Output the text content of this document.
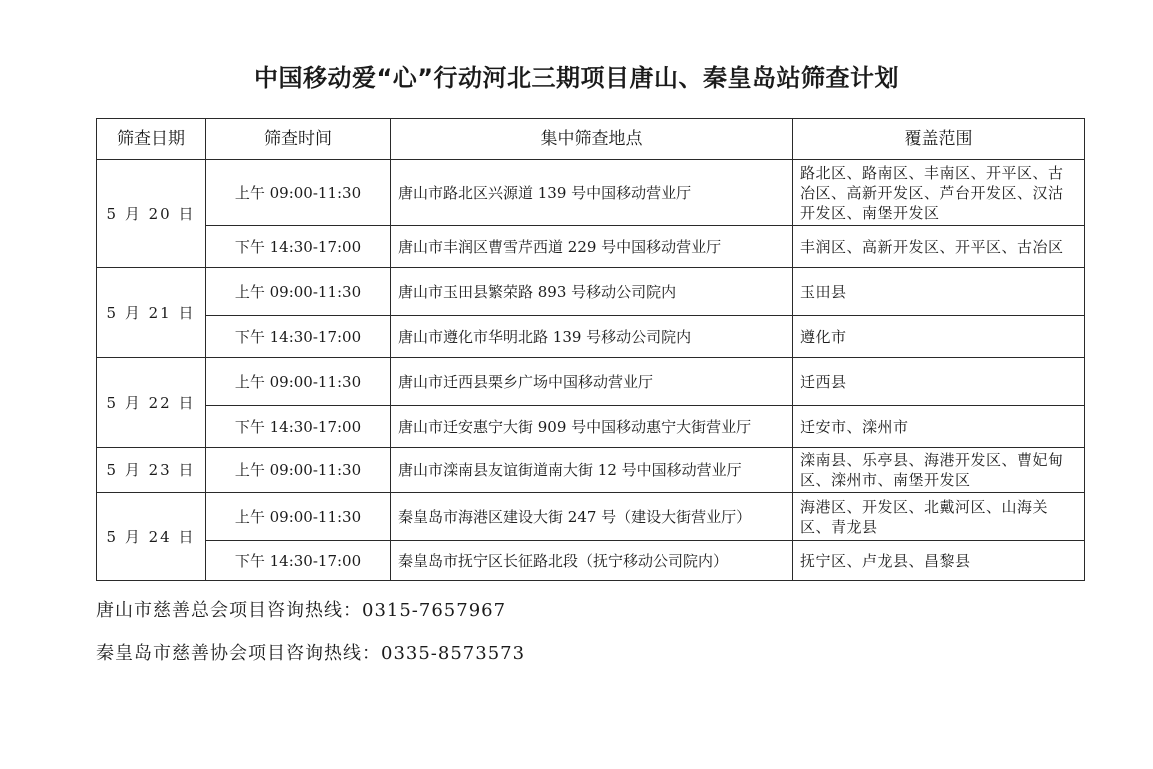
中国移动爱“心”行动河北三期项目唐山、秦皇岛站筛查计划
筛查日期	筛查时间	集中筛查地点	覆盖范围
5 月 20 日	上午 09:00-11:30	唐山市路北区兴源道 139 号中国移动营业厅	路北区、路南区、丰南区、开平区、古冶区、高新开发区、芦台开发区、汉沽开发区、南堡开发区
	下午 14:30-17:00	唐山市丰润区曹雪芹西道 229 号中国移动营业厅	丰润区、高新开发区、开平区、古冶区
5 月 21 日	上午 09:00-11:30	唐山市玉田县繁荣路 893 号移动公司院内	玉田县
	下午 14:30-17:00	唐山市遵化市华明北路 139 号移动公司院内	遵化市
5 月 22 日	上午 09:00-11:30	唐山市迁西县栗乡广场中国移动营业厅	迁西县
	下午 14:30-17:00	唐山市迁安惠宁大街 909 号中国移动惠宁大街营业厅	迁安市、滦州市
5 月 23 日	上午 09:00-11:30	唐山市滦南县友谊街道南大街 12 号中国移动营业厅	滦南县、乐亭县、海港开发区、曹妃甸区、滦州市、南堡开发区
5 月 24 日	上午 09:00-11:30	秦皇岛市海港区建设大街 247 号（建设大街营业厅）	海港区、开发区、北戴河区、山海关区、青龙县
	下午 14:30-17:00	秦皇岛市抚宁区长征路北段（抚宁移动公司院内）	抚宁区、卢龙县、昌黎县
唐山市慈善总会项目咨询热线：0315-7657967
秦皇岛市慈善协会项目咨询热线：0335-8573573
